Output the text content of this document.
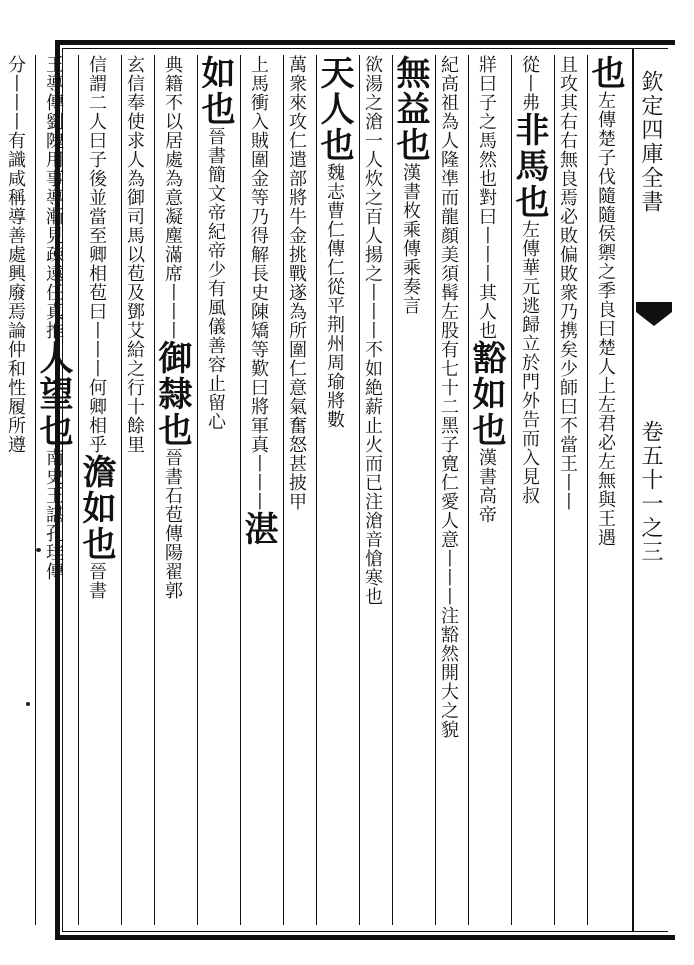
欽定四庫全書
卷五十一之三
也左傳楚子伐隨隨侯禦之季良曰楚人上左君必左無與王遇
且攻其右右無良焉必敗偏敗衆乃携矣少師曰不當王丨丨
從丨弗非馬也左傳華元逃歸立於門外告而入見叔
牂曰子之馬然也對曰丨丨丨其人也豁如也漢書高帝
紀高祖為人隆凖而龍顔美須髯左股有七十二黑子寛仁愛人意丨丨丨注豁然開大之貌
無益也漢書枚乘傳乘奏言
欲湯之滄一人炊之百人揚之丨丨丨不如絶薪止火而已注滄音愴寒也
天人也魏志曹仁傳仁從平荆州周瑜將數
萬衆來攻仁遣部將牛金挑戰遂為所圍仁意氣奮怒甚披甲
上馬衝入賊圍金等乃得解長史陳矯等歎曰將軍真丨丨丨湛
如也晉書簡文帝紀帝少有風儀善容止留心
典籍不以居處為意凝塵滿席丨丨丨御隸也晉書石苞傳陽翟郭
玄信奉使求人為御司馬以苞及鄧艾給之行十餘里
信謂二人曰子後並當至卿相苞曰丨丨丨何卿相乎澹如也晉書
王導傳劉隗用事導漸見疎遠任真推人望也南史王諶孔珪傳
分丨丨丨有識咸稱導善處興廢焉論仲和性履所遵
